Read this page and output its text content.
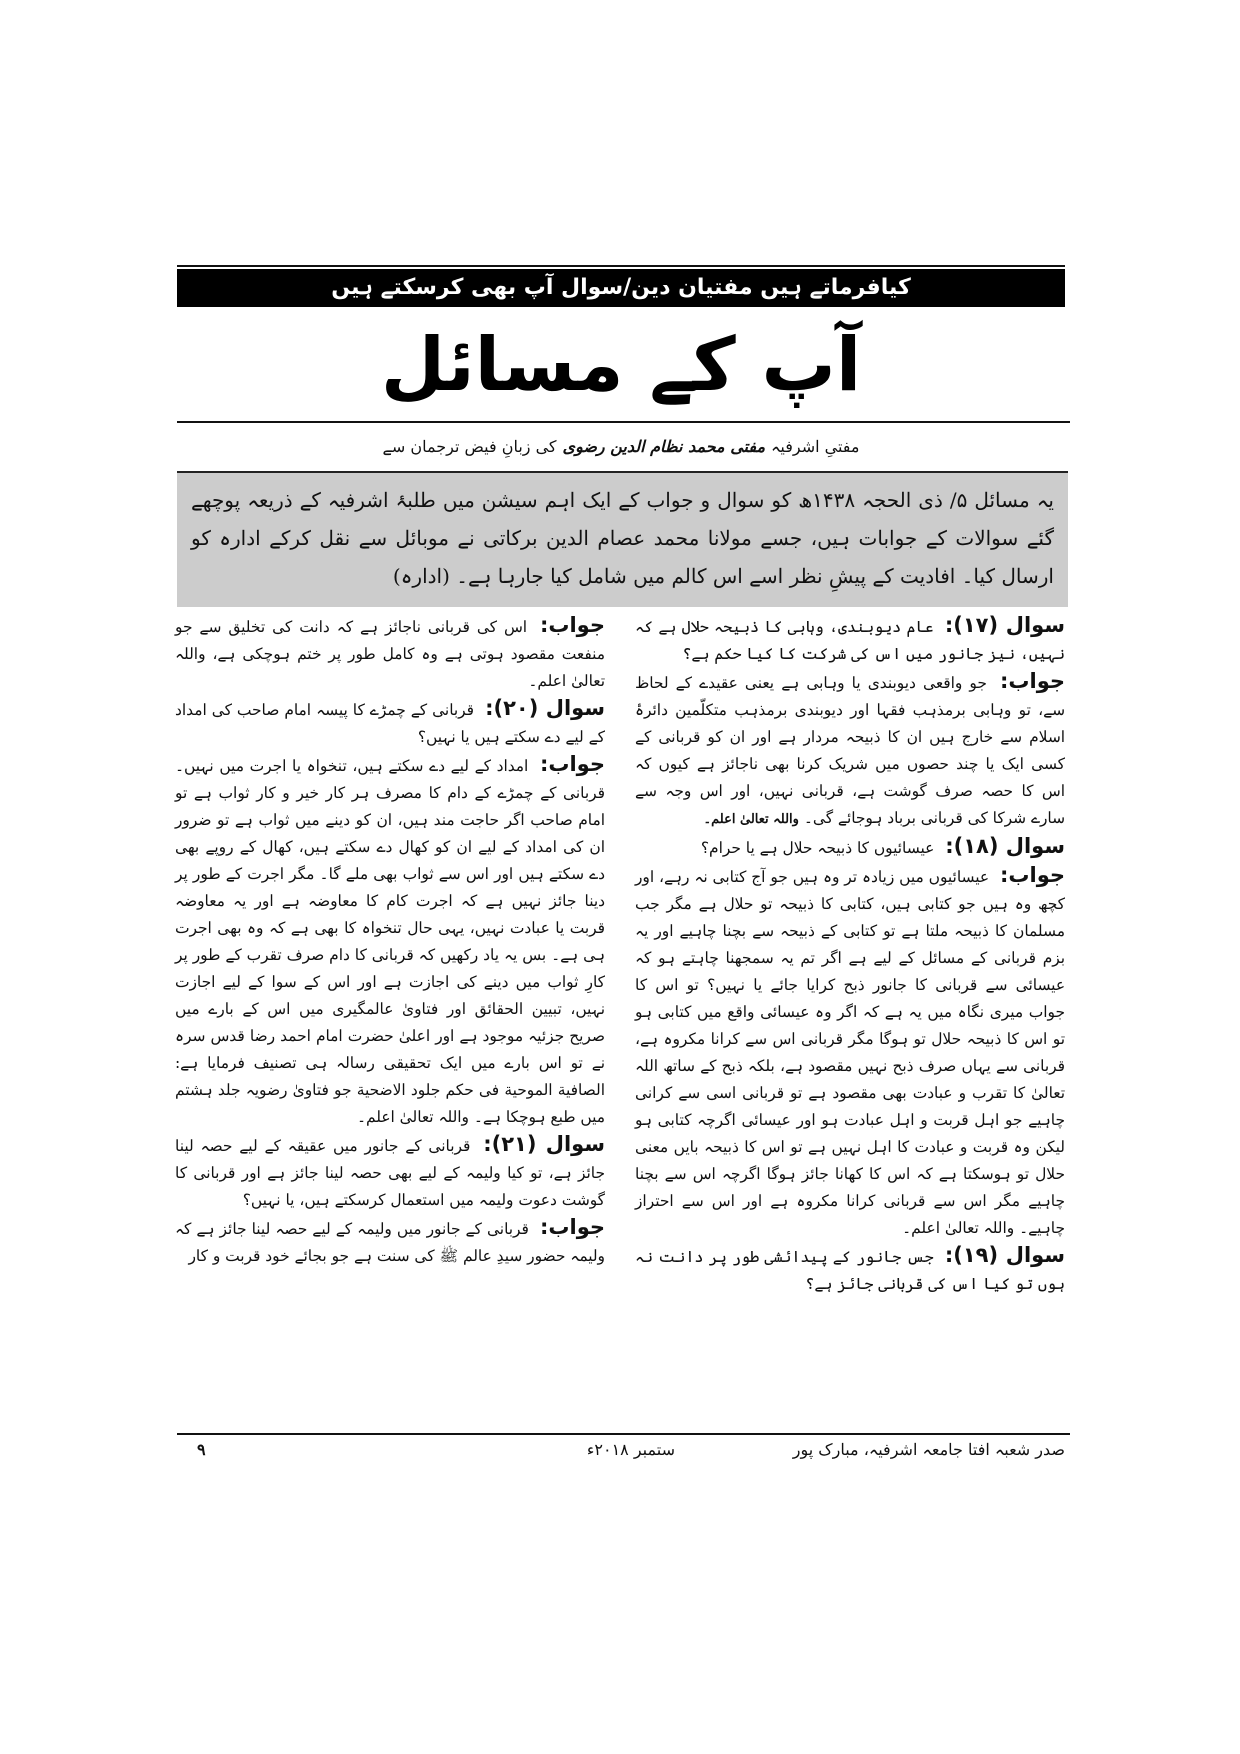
کیافرماتے ہیں مفتیان دین/سوال آپ بھی کرسکتے ہیں
آپ کے مسائل
مفتیِ اشرفیہ
مفتی محمد نظام الدین رضوی
کی زبانِ فیض ترجمان سے
یہ مسائل ۵/ ذی الحجہ ۱۴۳۸ھ کو سوال و جواب کے ایک اہم سیشن میں طلبۂ اشرفیہ کے ذریعہ پوچھے گئے سوالات کے جوابات ہیں، جسے مولانا محمد عصام الدین برکاتی نے موبائل سے نقل کرکے ادارہ کو ارسال کیا۔ افادیت کے پیشِ نظر اسے اس کالم میں شامل کیا جارہا ہے۔ (ادارہ)

سوال (۱۷): عام دیوبندی، وہابی کا ذبیحہ حلال ہے کہ نہیں، نیز جانور میں اس کی شرکت کا کیا حکم ہے؟

جواب: جو واقعی دیوبندی یا وہابی ہے یعنی عقیدے کے لحاظ سے، تو وہابی برمذہب فقہا اور دیوبندی برمذہب متکلّمین دائرۂ اسلام سے خارج ہیں ان کا ذبیحہ مردار ہے اور ان کو قربانی کے کسی ایک یا چند حصوں میں شریک کرنا بھی ناجائز ہے کیوں کہ اس کا حصہ صرف گوشت ہے، قربانی نہیں، اور اس وجہ سے سارے شرکا کی قربانی برباد ہوجائے گی۔ واللہ تعالیٰ اعلم۔

سوال (۱۸): عیسائیوں کا ذبیحہ حلال ہے یا حرام؟

جواب: عیسائیوں میں زیادہ تر وہ ہیں جو آج کتابی نہ رہے، اور کچھ وہ ہیں جو کتابی ہیں، کتابی کا ذبیحہ تو حلال ہے مگر جب مسلمان کا ذبیحہ ملتا ہے تو کتابی کے ذبیحہ سے بچنا چاہیے اور یہ بزم قربانی کے مسائل کے لیے ہے اگر تم یہ سمجھنا چاہتے ہو کہ عیسائی سے قربانی کا جانور ذبح کرایا جائے یا نہیں؟ تو اس کا جواب میری نگاہ میں یہ ہے کہ اگر وہ عیسائی واقع میں کتابی ہو تو اس کا ذبیحہ حلال تو ہوگا مگر قربانی اس سے کرانا مکروہ ہے، قربانی سے یہاں صرف ذبح نہیں مقصود ہے، بلکہ ذبح کے ساتھ اللہ تعالیٰ کا تقرب و عبادت بھی مقصود ہے تو قربانی اسی سے کرانی چاہیے جو اہل قربت و اہل عبادت ہو اور عیسائی اگرچہ کتابی ہو لیکن وہ قربت و عبادت کا اہل نہیں ہے تو اس کا ذبیحہ بایں معنی حلال تو ہوسکتا ہے کہ اس کا کھانا جائز ہوگا اگرچہ اس سے بچنا چاہیے مگر اس سے قربانی کرانا مکروہ ہے اور اس سے احتراز چاہیے۔ واللہ تعالیٰ اعلم۔

سوال (۱۹): جس جانور کے پیدائشی طور پر دانت نہ ہوں تو کیا اس کی قربانی جائز ہے؟

جواب: اس کی قربانی ناجائز ہے کہ دانت کی تخلیق سے جو منفعت مقصود ہوتی ہے وہ کامل طور پر ختم ہوچکی ہے، واللہ تعالیٰ اعلم۔

سوال (۲۰): قربانی کے چمڑے کا پیسہ امام صاحب کی امداد کے لیے دے سکتے ہیں یا نہیں؟

جواب: امداد کے لیے دے سکتے ہیں، تنخواہ یا اجرت میں نہیں۔ قربانی کے چمڑے کے دام کا مصرف ہر کار خیر و کار ثواب ہے تو امام صاحب اگر حاجت مند ہیں، ان کو دینے میں ثواب ہے تو ضرور ان کی امداد کے لیے ان کو کھال دے سکتے ہیں، کھال کے روپے بھی دے سکتے ہیں اور اس سے ثواب بھی ملے گا۔ مگر اجرت کے طور پر دینا جائز نہیں ہے کہ اجرت کام کا معاوضہ ہے اور یہ معاوضہ قربت یا عبادت نہیں، یہی حال تنخواہ کا بھی ہے کہ وہ بھی اجرت ہی ہے۔ بس یہ یاد رکھیں کہ قربانی کا دام صرف تقرب کے طور پر کارِ ثواب میں دینے کی اجازت ہے اور اس کے سوا کے لیے اجازت نہیں، تبیین الحقائق اور فتاویٰ عالمگیری میں اس کے بارے میں صریح جزئیہ موجود ہے اور اعلیٰ حضرت امام احمد رضا قدس سرہ نے تو اس بارے میں ایک تحقیقی رسالہ ہی تصنیف فرمایا ہے: الصافية الموحية فی حكم جلود الاضحية جو فتاویٰ رضویہ جلد ہشتم میں طبع ہوچکا ہے۔ واللہ تعالیٰ اعلم۔

سوال (۲۱): قربانی کے جانور میں عقیقہ کے لیے حصہ لینا جائز ہے، تو کیا ولیمہ کے لیے بھی حصہ لینا جائز ہے اور قربانی کا گوشت دعوت ولیمہ میں استعمال کرسکتے ہیں، یا نہیں؟

جواب: قربانی کے جانور میں ولیمہ کے لیے حصہ لینا جائز ہے کہ ولیمہ حضور سیدِ عالم ﷺ کی سنت ہے جو بجائے خود قربت و کار

صدر شعبہ افتا جامعہ اشرفیہ، مبارک پور
ستمبر ۲۰۱۸ء
۹
